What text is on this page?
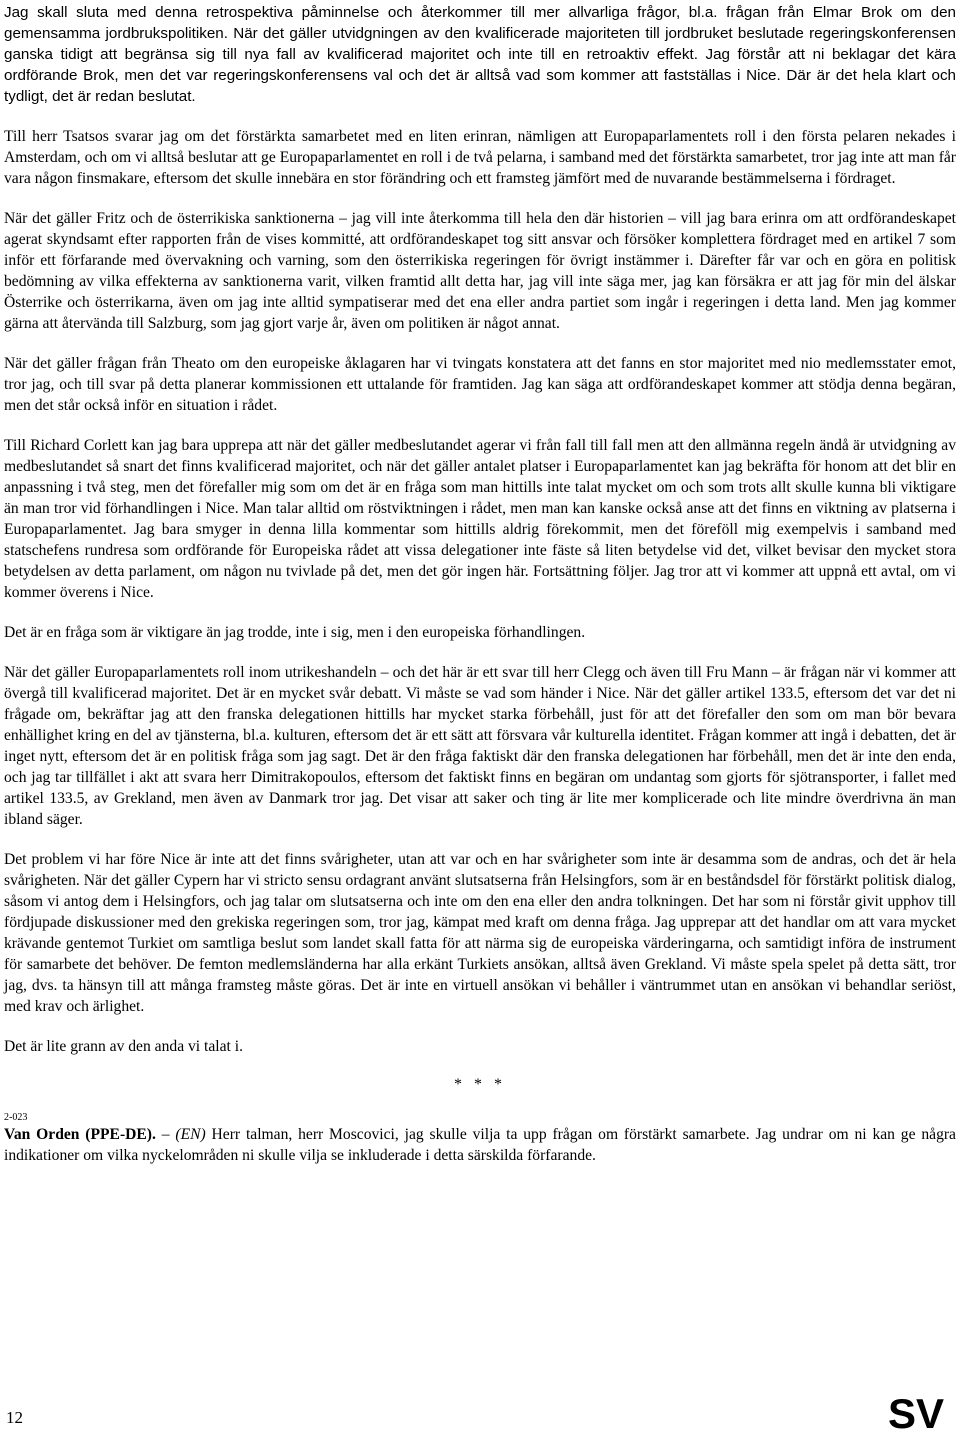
Jag skall sluta med denna retrospektiva påminnelse och återkommer till mer allvarliga frågor, bl.a. frågan från Elmar Brok om den gemensamma jordbrukspolitiken. När det gäller utvidgningen av den kvalificerade majoriteten till jordbruket beslutade regeringskonferensen ganska tidigt att begränsa sig till nya fall av kvalificerad majoritet och inte till en retroaktiv effekt. Jag förstår att ni beklagar det kära ordförande Brok, men det var regeringskonferensens val och det är alltså vad som kommer att fastställas i Nice. Där är det hela klart och tydligt, det är redan beslutat.

Till herr Tsatsos svarar jag om det förstärkta samarbetet med en liten erinran, nämligen att Europaparlamentets roll i den första pelaren nekades i Amsterdam, och om vi alltså beslutar att ge Europaparlamentet en roll i de två pelarna, i samband med det förstärkta samarbetet, tror jag inte att man får vara någon finsmakare, eftersom det skulle innebära en stor förändring och ett framsteg jämfört med de nuvarande bestämmelserna i fördraget.

När det gäller Fritz och de österrikiska sanktionerna – jag vill inte återkomma till hela den där historien – vill jag bara erinra om att ordförandeskapet agerat skyndsamt efter rapporten från de vises kommitté, att ordförandeskapet tog sitt ansvar och försöker komplettera fördraget med en artikel 7 som inför ett förfarande med övervakning och varning, som den österrikiska regeringen för övrigt instämmer i. Därefter får var och en göra en politisk bedömning av vilka effekterna av sanktionerna varit, vilken framtid allt detta har, jag vill inte säga mer, jag kan försäkra er att jag för min del älskar Österrike och österrikarna, även om jag inte alltid sympatiserar med det ena eller andra partiet som ingår i regeringen i detta land. Men jag kommer gärna att återvända till Salzburg, som jag gjort varje år, även om politiken är något annat.

När det gäller frågan från Theato om den europeiske åklagaren har vi tvingats konstatera att det fanns en stor majoritet med nio medlemsstater emot, tror jag, och till svar på detta planerar kommissionen ett uttalande för framtiden. Jag kan säga att ordförandeskapet kommer att stödja denna begäran, men det står också inför en situation i rådet.

Till Richard Corlett kan jag bara upprepa att när det gäller medbeslutandet agerar vi från fall till fall men att den allmänna regeln ändå är utvidgning av medbeslutandet så snart det finns kvalificerad majoritet, och när det gäller antalet platser i Europaparlamentet kan jag bekräfta för honom att det blir en anpassning i två steg, men det förefaller mig som om det är en fråga som man hittills inte talat mycket om och som trots allt skulle kunna bli viktigare än man tror vid förhandlingen i Nice. Man talar alltid om röstviktningen i rådet, men man kan kanske också anse att det finns en viktning av platserna i Europaparlamentet. Jag bara smyger in denna lilla kommentar som hittills aldrig förekommit, men det föreföll mig exempelvis i samband med statschefens rundresa som ordförande för Europeiska rådet att vissa delegationer inte fäste så liten betydelse vid det, vilket bevisar den mycket stora betydelsen av detta parlament, om någon nu tvivlade på det, men det gör ingen här. Fortsättning följer. Jag tror att vi kommer att uppnå ett avtal, om vi kommer överens i Nice.

Det är en fråga som är viktigare än jag trodde, inte i sig, men i den europeiska förhandlingen.

När det gäller Europaparlamentets roll inom utrikeshandeln – och det här är ett svar till herr Clegg och även till Fru Mann – är frågan när vi kommer att övergå till kvalificerad majoritet. Det är en mycket svår debatt. Vi måste se vad som händer i Nice. När det gäller artikel 133.5, eftersom det var det ni frågade om, bekräftar jag att den franska delegationen hittills har mycket starka förbehåll, just för att det förefaller den som om man bör bevara enhällighet kring en del av tjänsterna, bl.a. kulturen, eftersom det är ett sätt att försvara vår kulturella identitet. Frågan kommer att ingå i debatten, det är inget nytt, eftersom det är en politisk fråga som jag sagt. Det är den fråga faktiskt där den franska delegationen har förbehåll, men det är inte den enda, och jag tar tillfället i akt att svara herr Dimitrakopoulos, eftersom det faktiskt finns en begäran om undantag som gjorts för sjötransporter, i fallet med artikel 133.5, av Grekland, men även av Danmark tror jag. Det visar att saker och ting är lite mer komplicerade och lite mindre överdrivna än man ibland säger.

Det problem vi har före Nice är inte att det finns svårigheter, utan att var och en har svårigheter som inte är desamma som de andras, och det är hela svårigheten. När det gäller Cypern har vi stricto sensu ordagrant använt slutsatserna från Helsingfors, som är en beståndsdel för förstärkt politisk dialog, såsom vi antog dem i Helsingfors, och jag talar om slutsatserna och inte om den ena eller den andra tolkningen. Det har som ni förstår givit upphov till fördjupade diskussioner med den grekiska regeringen som, tror jag, kämpat med kraft om denna fråga. Jag upprepar att det handlar om att vara mycket krävande gentemot Turkiet om samtliga beslut som landet skall fatta för att närma sig de europeiska värderingarna, och samtidigt införa de instrument för samarbete det behöver. De femton medlemsländerna har alla erkänt Turkiets ansökan, alltså även Grekland. Vi måste spela spelet på detta sätt, tror jag, dvs. ta hänsyn till att många framsteg måste göras. Det är inte en virtuell ansökan vi behåller i väntrummet utan en ansökan vi behandlar seriöst, med krav och ärlighet.

Det är lite grann av den anda vi talat i.

* * *

2-023

Van Orden (PPE-DE). – (EN) Herr talman, herr Moscovici, jag skulle vilja ta upp frågan om förstärkt samarbete. Jag undrar om ni kan ge några indikationer om vilka nyckelområden ni skulle vilja se inkluderade i detta särskilda förfarande.

12	SV
